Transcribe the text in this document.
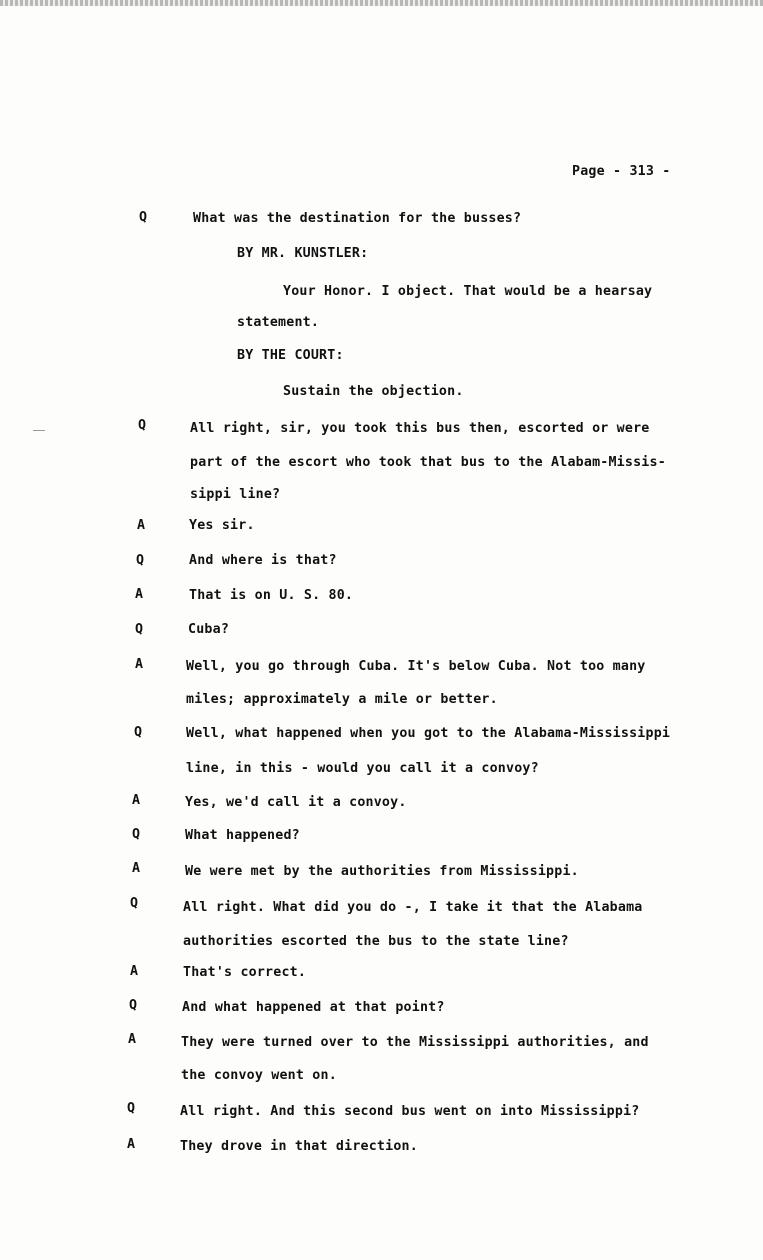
Page - 313 -
Q	What was the destination for the busses?
BY MR. KUNSTLER:
Your Honor. I object. That would be a hearsay
statement.
BY THE COURT:
Sustain the objection.
Q	All right, sir, you took this bus then, escorted or were
part of the escort who took that bus to the Alabam-Missis-
sippi line?
A	Yes sir.
Q	And where is that?
A	That is on U. S. 80.
Q	Cuba?
A	Well, you go through Cuba. It's below Cuba. Not too many
miles; approximately a mile or better.
Q	Well, what happened when you got to the Alabama-Mississippi
line, in this - would you call it a convoy?
A	Yes, we'd call it a convoy.
Q	What happened?
A	We were met by the authorities from Mississippi.
Q	All right. What did you do -, I take it that the Alabama
authorities escorted the bus to the state line?
A	That's correct.
Q	And what happened at that point?
A	They were turned over to the Mississippi authorities, and
the convoy went on.
Q	All right. And this second bus went on into Mississippi?
A	They drove in that direction.
